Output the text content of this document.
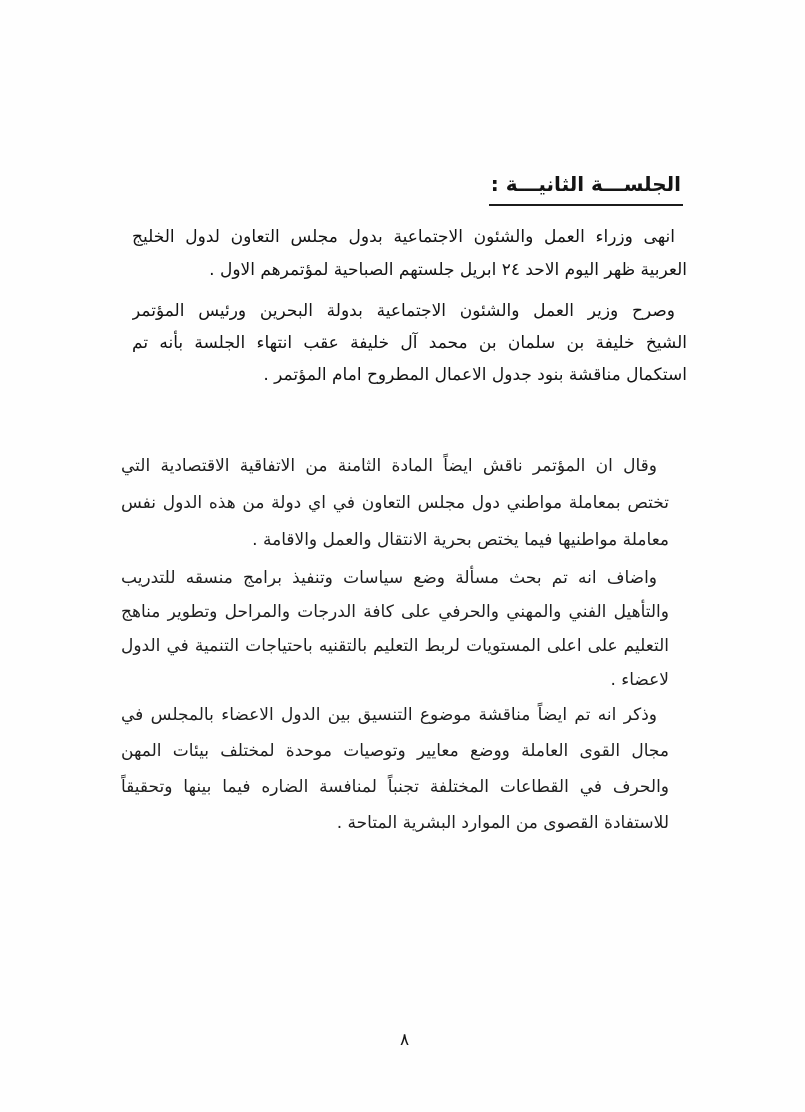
الجلســـة الثانيـــة :
انهى وزراء العمل والشئون الاجتماعية بدول مجلس التعاون لدول الخليج
العربية ظهر اليوم الاحد ٢٤ ابريل جلستهم الصباحية لمؤتمرهم الاول .
وصرح وزير العمل والشئون الاجتماعية بدولة البحرين ورئيس المؤتمر
الشيخ خليفة بن سلمان بن محمد آل خليفة عقب انتهاء الجلسة بأنه تم
استكمال مناقشة بنود جدول الاعمال المطروح امام المؤتمر .
وقال ان المؤتمر ناقش ايضاً المادة الثامنة من الاتفاقية الاقتصادية التي
تختص بمعاملة مواطني دول مجلس التعاون في اي دولة من هذه الدول نفس
معاملة مواطنيها فيما يختص بحرية الانتقال والعمل والاقامة .
واضاف انه تم بحث مسألة وضع سياسات وتنفيذ برامج منسقه للتدريب
والتأهيل الفني والمهني والحرفي على كافة الدرجات والمراحل وتطوير مناهج
التعليم على اعلى المستويات لربط التعليم بالتقنيه باحتياجات التنمية في الدول
لاعضاء .
وذكر انه تم ايضاً مناقشة موضوع التنسيق بين الدول الاعضاء بالمجلس في
مجال القوى العاملة ووضع معايير وتوصيات موحدة لمختلف بيئات المهن
والحرف في القطاعات المختلفة تجنباً لمنافسة الضاره فيما بينها وتحقيقاً
للاستفادة القصوى من الموارد البشرية المتاحة .
٨
